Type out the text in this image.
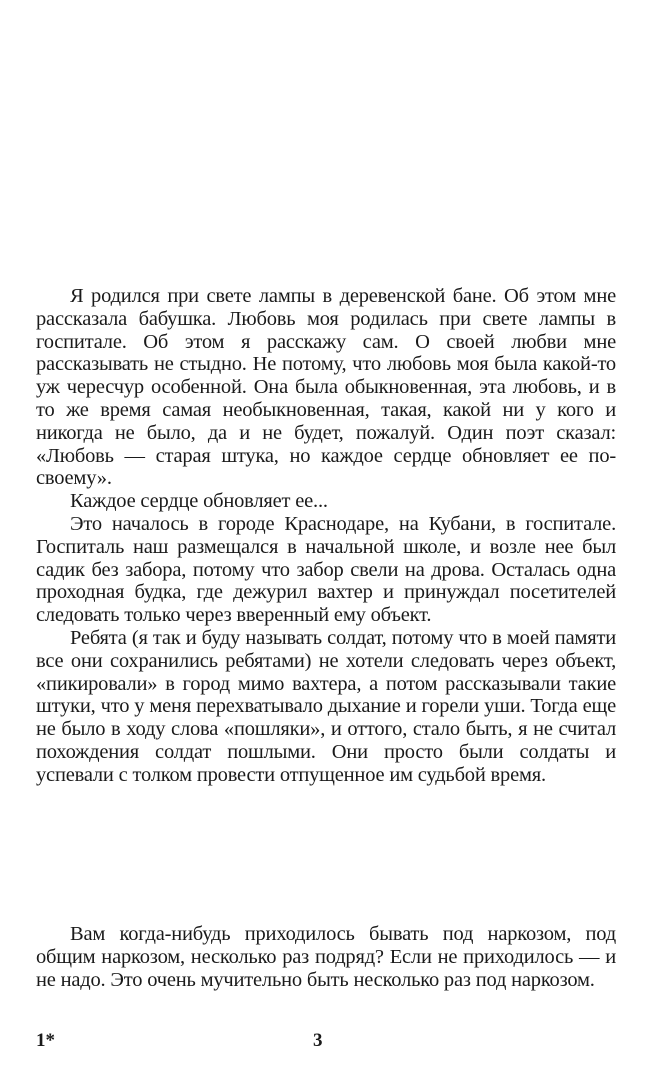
Я родился при свете лампы в деревенской бане. Об этом мне рассказала бабушка. Любовь моя родилась при свете лампы в госпитале. Об этом я расскажу сам. О своей любви мне рассказывать не стыдно. Не потому, что любовь моя была какой-то уж чересчур особенной. Она была обыкновенная, эта любовь, и в то же время самая необыкновенная, такая, какой ни у кого и никогда не было, да и не будет, пожалуй. Один поэт сказал: «Любовь — старая штука, но каждое сердце обновляет ее по-своему».

Каждое сердце обновляет ее...

Это началось в городе Краснодаре, на Кубани, в госпитале. Госпиталь наш размещался в начальной школе, и возле нее был садик без забора, потому что забор свели на дрова. Осталась одна проходная будка, где дежурил вахтер и принуждал посетителей следовать только через вверенный ему объект.

Ребята (я так и буду называть солдат, потому что в моей памяти все они сохранились ребятами) не хотели следовать через объект, «пикировали» в город мимо вахтера, а потом рассказывали такие штуки, что у меня перехватывало дыхание и горели уши. Тогда еще не было в ходу слова «пошляки», и оттого, стало быть, я не считал похождения солдат пошлыми. Они просто были солдаты и успевали с толком провести отпущенное им судьбой время.

Вам когда-нибудь приходилось бывать под наркозом, под общим наркозом, несколько раз подряд? Если не приходилось — и не надо. Это очень мучительно быть несколько раз под наркозом.

1*	3
